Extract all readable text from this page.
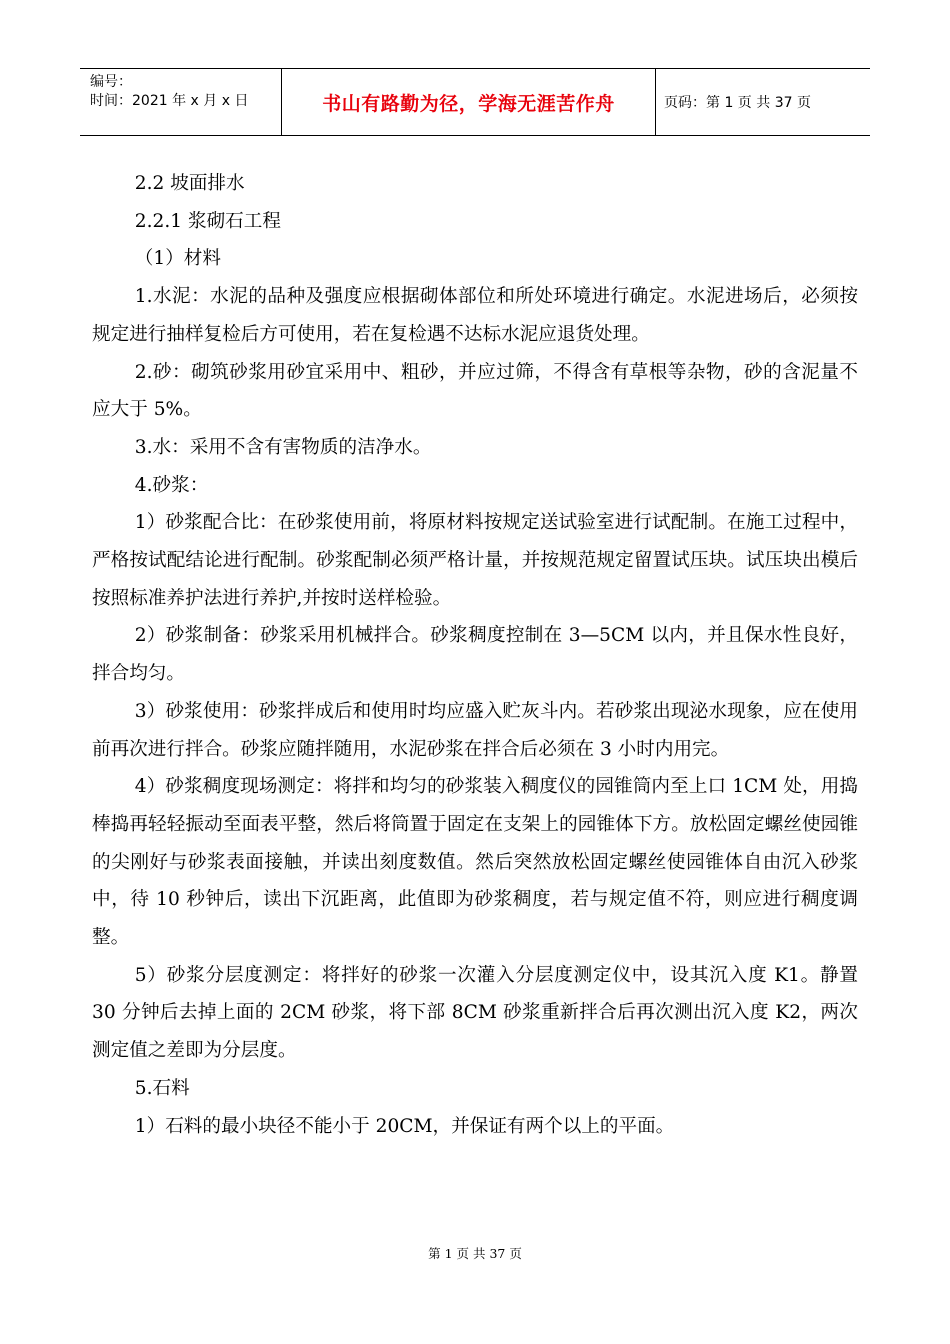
编号：
时间：2021 年 x 月 x 日	书山有路勤为径，学海无涯苦作舟	页码：第 1 页 共 37 页

2.2 坡面排水

2.2.1 浆砌石工程

（1）材料

1.水泥：水泥的品种及强度应根据砌体部位和所处环境进行确定。水泥进场后，必须按规定进行抽样复检后方可使用，若在复检遇不达标水泥应退货处理。

2.砂：砌筑砂浆用砂宜采用中、粗砂，并应过筛，不得含有草根等杂物，砂的含泥量不应大于 5%。

3.水：采用不含有害物质的洁净水。

4.砂浆：

1）砂浆配合比：在砂浆使用前，将原材料按规定送试验室进行试配制。在施工过程中，严格按试配结论进行配制。砂浆配制必须严格计量，并按规范规定留置试压块。试压块出模后按照标准养护法进行养护,并按时送样检验。

2）砂浆制备：砂浆采用机械拌合。砂浆稠度控制在 3—5CM 以内，并且保水性良好，拌合均匀。

3）砂浆使用：砂浆拌成后和使用时均应盛入贮灰斗内。若砂浆出现泌水现象，应在使用前再次进行拌合。砂浆应随拌随用，水泥砂浆在拌合后必须在 3 小时内用完。

4）砂浆稠度现场测定：将拌和均匀的砂浆装入稠度仪的园锥筒内至上口 1CM 处，用捣棒捣再轻轻振动至面表平整，然后将筒置于固定在支架上的园锥体下方。放松固定螺丝使园锥的尖刚好与砂浆表面接触，并读出刻度数值。然后突然放松固定螺丝使园锥体自由沉入砂浆中，待 10 秒钟后，读出下沉距离，此值即为砂浆稠度，若与规定值不符，则应进行稠度调整。

5）砂浆分层度测定：将拌好的砂浆一次灌入分层度测定仪中，设其沉入度 K1。静置 30 分钟后去掉上面的 2CM 砂浆，将下部 8CM 砂浆重新拌合后再次测出沉入度 K2，两次测定值之差即为分层度。

5.石料

1）石料的最小块径不能小于 20CM，并保证有两个以上的平面。

第 1 页 共 37 页
